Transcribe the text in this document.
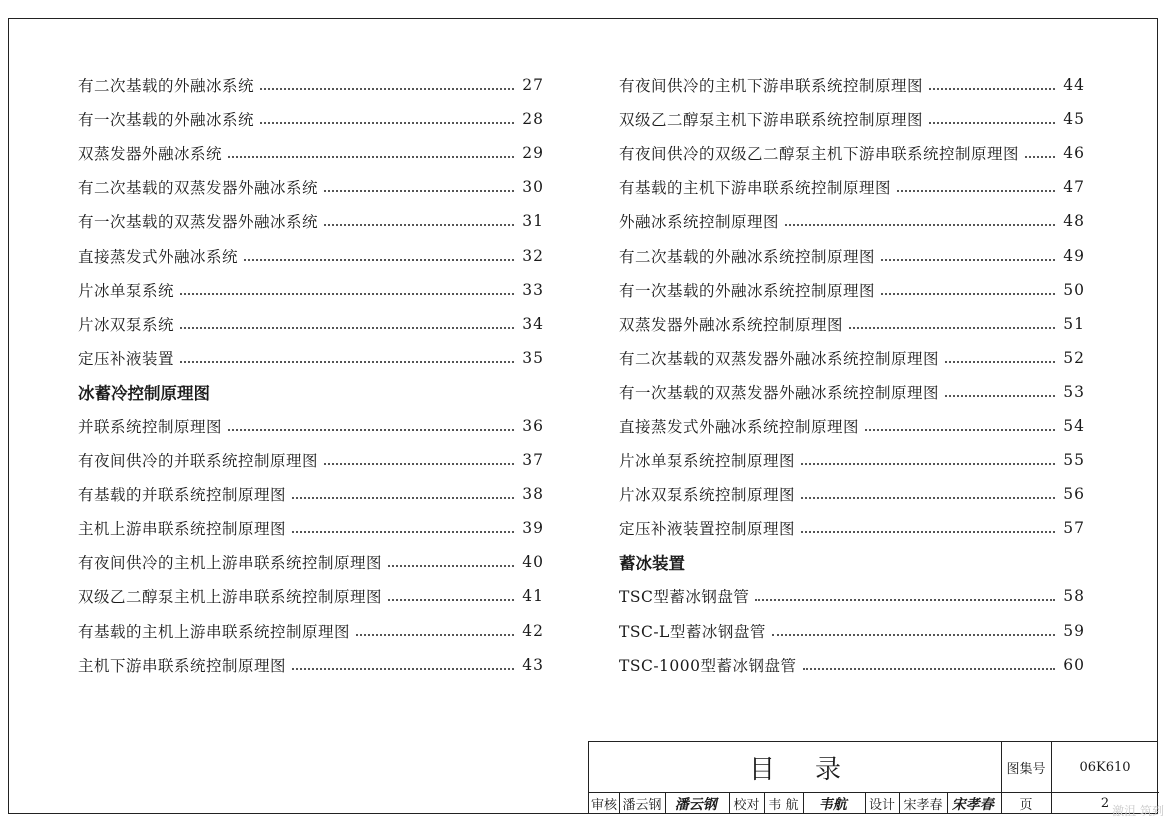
有二次基载的外融冰系统	27
有一次基载的外融冰系统	28
双蒸发器外融冰系统	29
有二次基载的双蒸发器外融冰系统	30
有一次基载的双蒸发器外融冰系统	31
直接蒸发式外融冰系统	32
片冰单泵系统	33
片冰双泵系统	34
定压补液装置	35
冰蓄冷控制原理图
并联系统控制原理图	36
有夜间供冷的并联系统控制原理图	37
有基载的并联系统控制原理图	38
主机上游串联系统控制原理图	39
有夜间供冷的主机上游串联系统控制原理图	40
双级乙二醇泵主机上游串联系统控制原理图	41
有基载的主机上游串联系统控制原理图	42
主机下游串联系统控制原理图	43
有夜间供冷的主机下游串联系统控制原理图	44
双级乙二醇泵主机下游串联系统控制原理图	45
有夜间供冷的双级乙二醇泵主机下游串联系统控制原理图	46
有基载的主机下游串联系统控制原理图	47
外融冰系统控制原理图	48
有二次基载的外融冰系统控制原理图	49
有一次基载的外融冰系统控制原理图	50
双蒸发器外融冰系统控制原理图	51
有二次基载的双蒸发器外融冰系统控制原理图	52
有一次基载的双蒸发器外融冰系统控制原理图	53
直接蒸发式外融冰系统控制原理图	54
片冰单泵系统控制原理图	55
片冰双泵系统控制原理图	56
定压补液装置控制原理图	57
蓄冰装置
TSC型蓄冰钢盘管	58
TSC-L型蓄冰钢盘管	59
TSC-1000型蓄冰钢盘管	60
目录	图集号	06K610
审核 潘云钢 潘云钢	校对 韦 航	韦航	设计 宋孝春 宋孝春	页	2 激沮 筑到
